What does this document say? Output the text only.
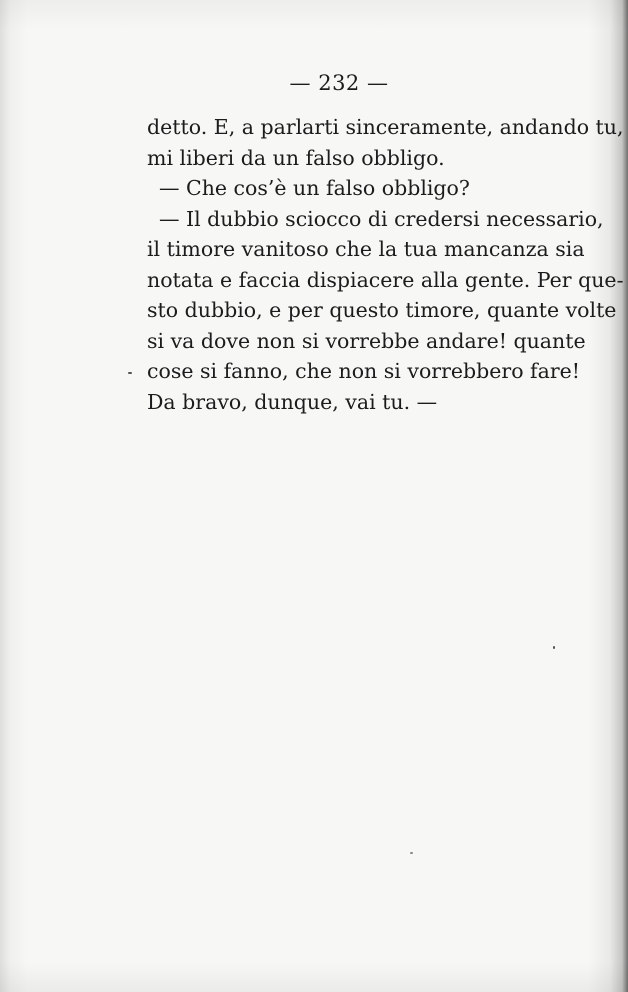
— 232 —
detto. E, a parlarti sinceramente, andando tu,
mi liberi da un falso obbligo.
— Che cos’è un falso obbligo?
— Il dubbio sciocco di credersi necessario,
il timore vanitoso che la tua mancanza sia
notata e faccia dispiacere alla gente. Per que-
sto dubbio, e per questo timore, quante volte
si va dove non si vorrebbe andare! quante
cose si fanno, che non si vorrebbero fare!
Da bravo, dunque, vai tu. —
